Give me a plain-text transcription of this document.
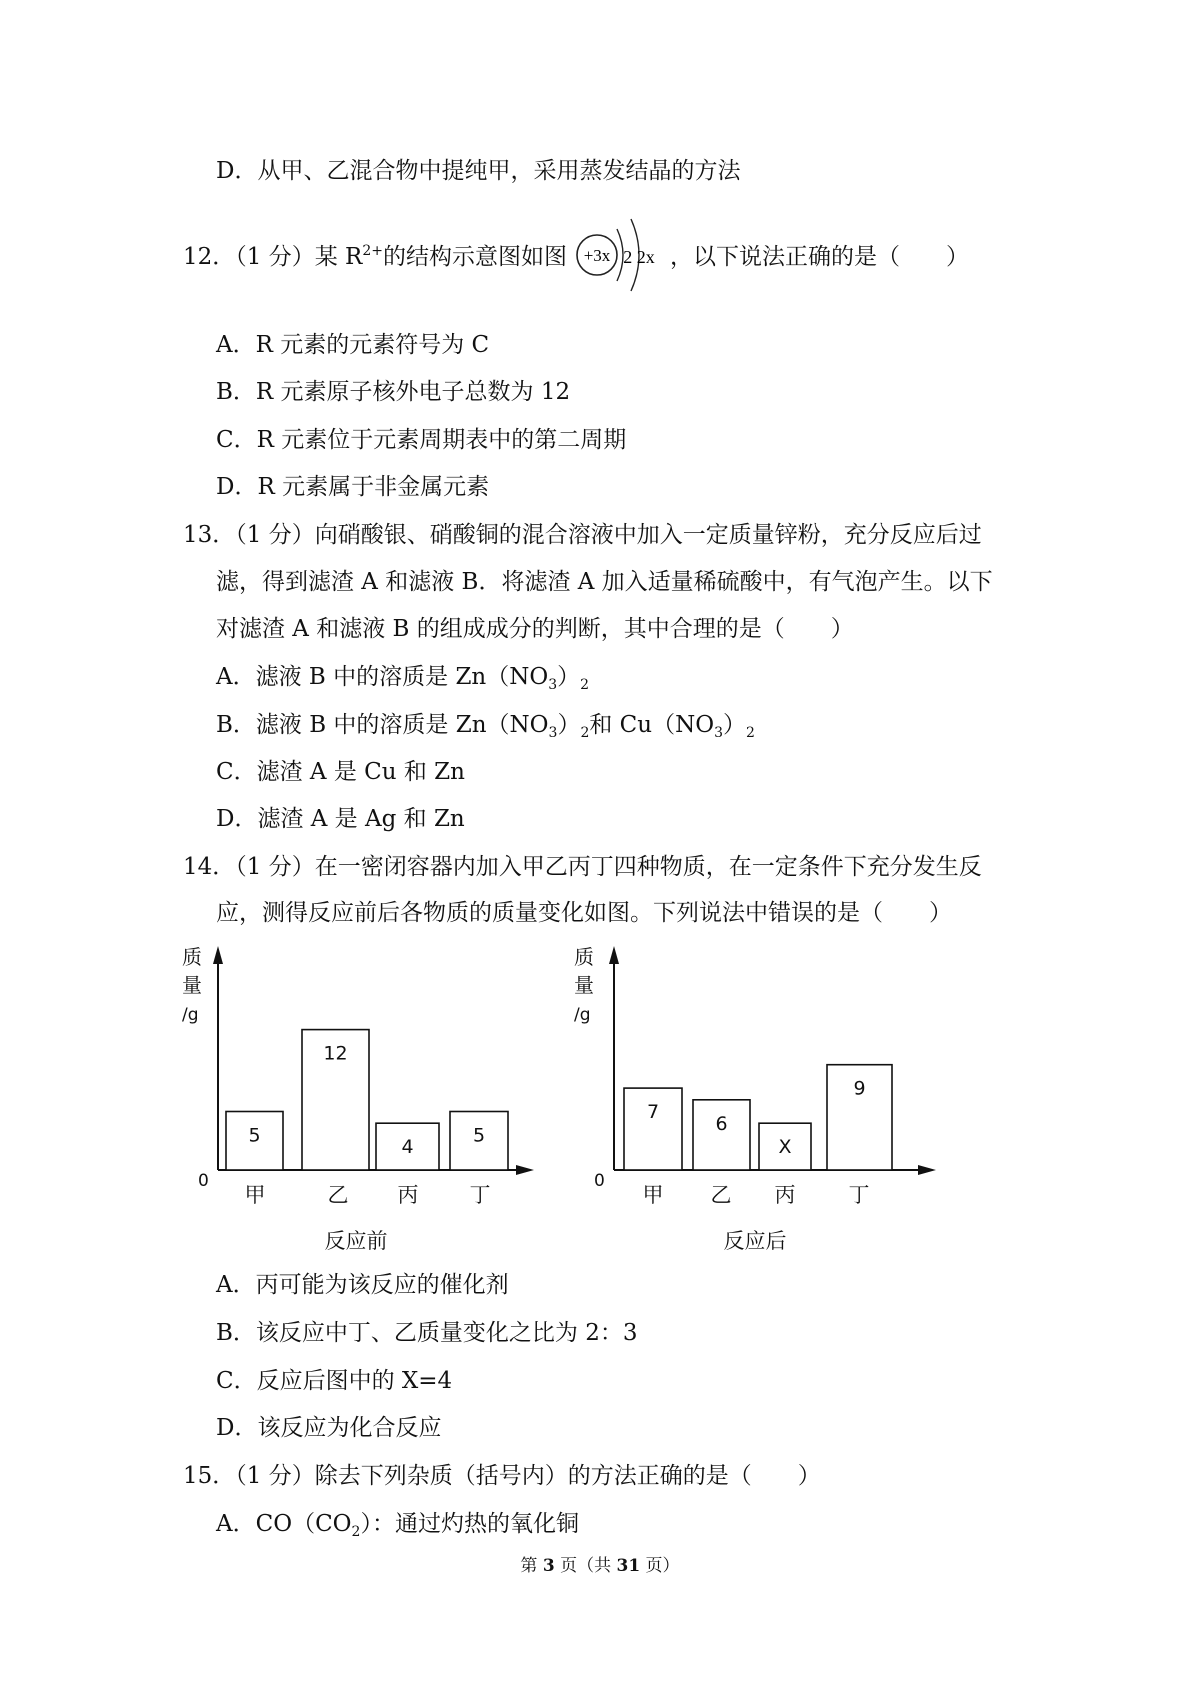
D．从甲、乙混合物中提纯甲，采用蒸发结晶的方法
12．（1 分）某 $R^{2+}$的结构示意图如图 +3x 2 2x ，以下说法正确的是（　　）
A．R 元素的元素符号为 C
B．R 元素原子核外电子总数为 12
C．R 元素位于元素周期表中的第二周期
D．R 元素属于非金属元素
13．（1 分）向硝酸银、硝酸铜的混合溶液中加入一定质量锌粉，充分反应后过
滤，得到滤渣 A 和滤液 B．将滤渣 A 加入适量稀硫酸中，有气泡产生。以下
对滤渣 A 和滤液 B 的组成成分的判断，其中合理的是（　　）
A．滤液 B 中的溶质是 $Zn(NO_3)_2$
B．滤液 B 中的溶质是 $Zn(NO_3)_2$和 $Cu(NO_3)_2$
C．滤渣 A 是 Cu 和 Zn
D．滤渣 A 是 Ag 和 Zn
14．（1 分）在一密闭容器内加入甲乙丙丁四种物质，在一定条件下充分发生反
应，测得反应前后各物质的质量变化如图。下列说法中错误的是（　　）
质量/g
0
5
甲
12
乙
4
丙
5
丁
反应前
质量/g
0
7
甲
6
乙
X
丙
9
丁
反应后
A．丙可能为该反应的催化剂
B．该反应中丁、乙质量变化之比为 2：3
C．反应后图中的 X=4
D．该反应为化合反应
15．（1 分）除去下列杂质（括号内）的方法正确的是（　　）
A．$CO(CO_2)$：通过灼热的氧化铜
第 3 页（共 31 页）
